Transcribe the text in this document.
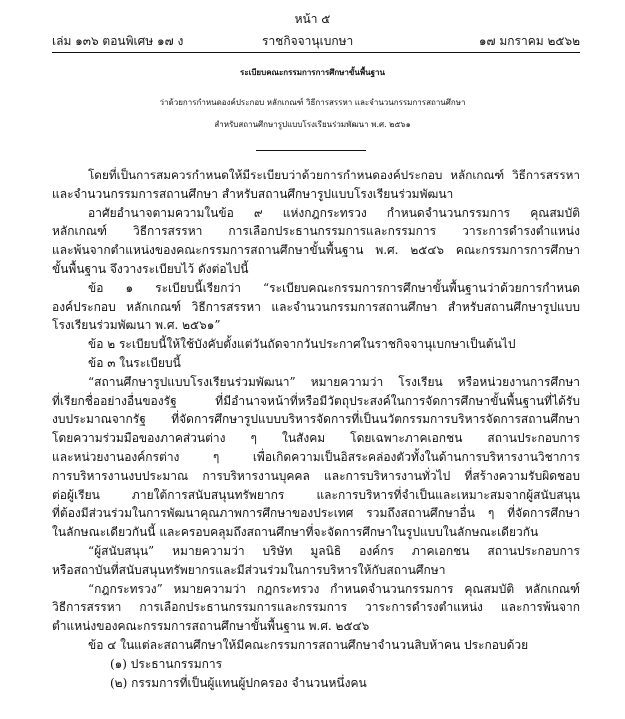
หน้า ๕
เล่ม ๑๓๖ ตอนพิเศษ ๑๗ ง	ราชกิจจานุเบกษา	๑๗ มกราคม ๒๕๖๒
ระเบียบคณะกรรมการการศึกษาขั้นพื้นฐาน
ว่าด้วยการกำหนดองค์ประกอบ หลักเกณฑ์ วิธีการสรรหา และจำนวนกรรมการสถานศึกษา
สำหรับสถานศึกษารูปแบบโรงเรียนร่วมพัฒนา พ.ศ. ๒๕๖๑
โดยที่เป็นการสมควรกำหนดให้มีระเบียบว่าด้วยการกำหนดองค์ประกอบ หลักเกณฑ์ วิธีการสรรหา
และจำนวนกรรมการสถานศึกษา สำหรับสถานศึกษารูปแบบโรงเรียนร่วมพัฒนา
อาศัยอำนาจตามความในข้อ ๙ แห่งกฎกระทรวง กำหนดจำนวนกรรมการ คุณสมบัติ
หลักเกณฑ์ วิธีการสรรหา การเลือกประธานกรรมการและกรรมการ วาระการดำรงตำแหน่ง
และพ้นจากตำแหน่งของคณะกรรมการสถานศึกษาขั้นพื้นฐาน พ.ศ. ๒๕๔๖ คณะกรรมการการศึกษา
ขั้นพื้นฐาน จึงวางระเบียบไว้ ดังต่อไปนี้
ข้อ ๑ ระเบียบนี้เรียกว่า “ระเบียบคณะกรรมการการศึกษาขั้นพื้นฐานว่าด้วยการกำหนด
องค์ประกอบ หลักเกณฑ์ วิธีการสรรหา และจำนวนกรรมการสถานศึกษา สำหรับสถานศึกษารูปแบบ
โรงเรียนร่วมพัฒนา พ.ศ. ๒๕๖๑”
ข้อ ๒ ระเบียบนี้ให้ใช้บังคับตั้งแต่วันถัดจากวันประกาศในราชกิจจานุเบกษาเป็นต้นไป
ข้อ ๓ ในระเบียบนี้
“สถานศึกษารูปแบบโรงเรียนร่วมพัฒนา” หมายความว่า โรงเรียน หรือหน่วยงานการศึกษา
ที่เรียกชื่ออย่างอื่นของรัฐ ที่มีอำนาจหน้าที่หรือมีวัตถุประสงค์ในการจัดการศึกษาขั้นพื้นฐานที่ได้รับ
งบประมาณจากรัฐ ที่จัดการศึกษารูปแบบบริหารจัดการที่เป็นนวัตกรรมการบริหารจัดการสถานศึกษา
โดยความร่วมมือของภาคส่วนต่าง ๆ ในสังคม โดยเฉพาะภาคเอกชน สถานประกอบการ
และหน่วยงานองค์กรต่าง ๆ เพื่อเกิดความเป็นอิสระคล่องตัวทั้งในด้านการบริหารงานวิชาการ
การบริหารงานงบประมาณ การบริหารงานบุคคล และการบริหารงานทั่วไป ที่สร้างความรับผิดชอบ
ต่อผู้เรียน ภายใต้การสนับสนุนทรัพยากร และการบริหารที่จำเป็นและเหมาะสมจากผู้สนับสนุน
ที่ต้องมีส่วนร่วมในการพัฒนาคุณภาพการศึกษาของประเทศ รวมถึงสถานศึกษาอื่น ๆ ที่จัดการศึกษา
ในลักษณะเดียวกันนี้ และครอบคลุมถึงสถานศึกษาที่จะจัดการศึกษาในรูปแบบในลักษณะเดียวกัน
“ผู้สนับสนุน” หมายความว่า บริษัท มูลนิธิ องค์กร ภาคเอกชน สถานประกอบการ
หรือสถาบันที่สนับสนุนทรัพยากรและมีส่วนร่วมในการบริหารให้กับสถานศึกษา
“กฎกระทรวง” หมายความว่า กฎกระทรวง กำหนดจำนวนกรรมการ คุณสมบัติ หลักเกณฑ์
วิธีการสรรหา การเลือกประธานกรรมการและกรรมการ วาระการดำรงตำแหน่ง และการพ้นจาก
ตำแหน่งของคณะกรรมการสถานศึกษาขั้นพื้นฐาน พ.ศ. ๒๕๔๖
ข้อ ๔ ในแต่ละสถานศึกษาให้มีคณะกรรมการสถานศึกษาจำนวนสิบห้าคน ประกอบด้วย
(๑) ประธานกรรมการ
(๒) กรรมการที่เป็นผู้แทนผู้ปกครอง จำนวนหนึ่งคน
